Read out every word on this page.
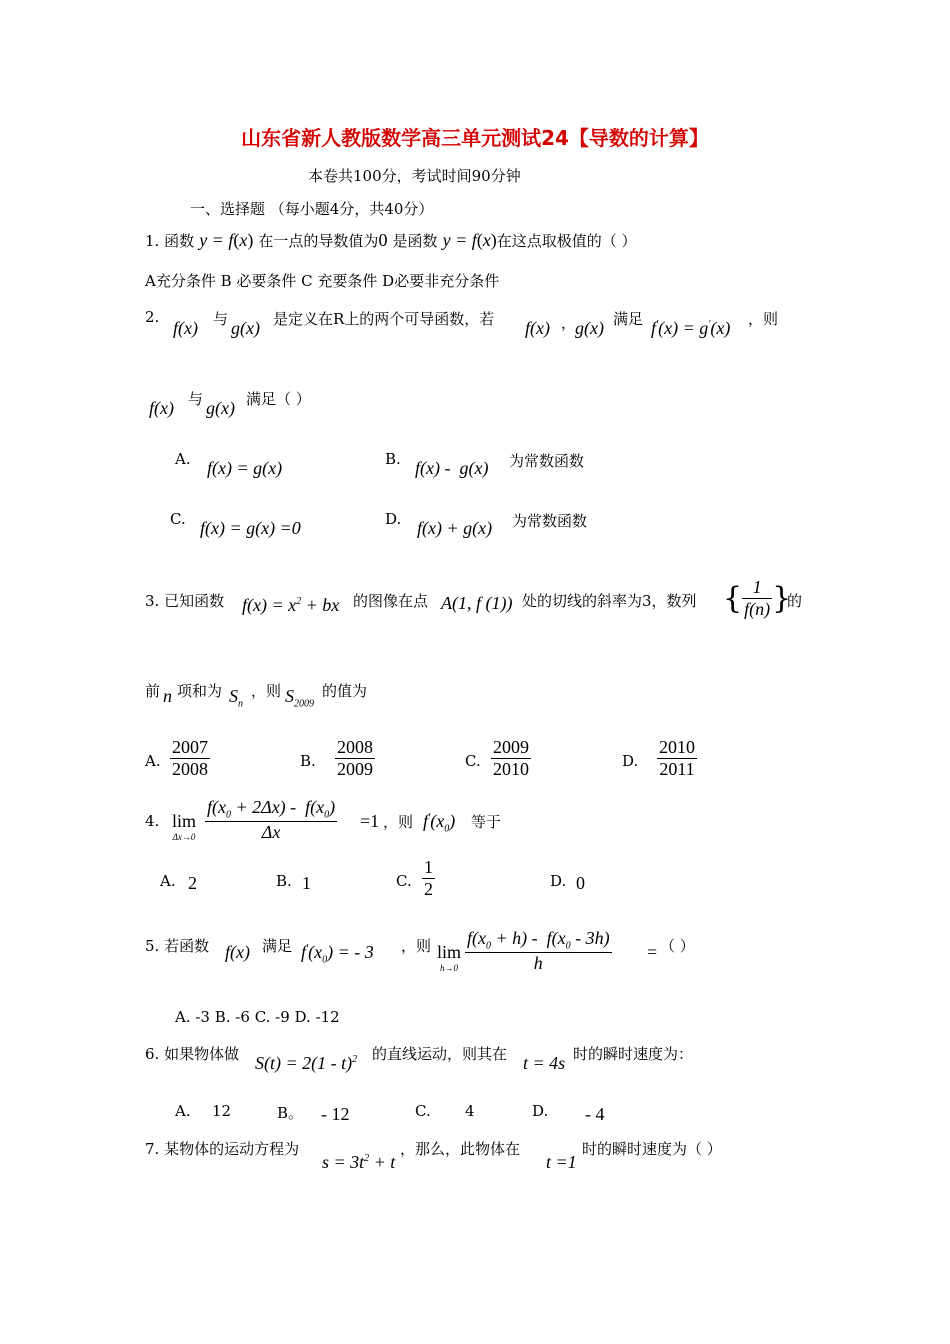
山东省新人教版数学高三单元测试24【导数的计算】
本卷共100分，考试时间90分钟
一、选择题 （每小题4分，共40分）
1. 函数 y = f(x) 在一点的导数值为0 是函数 y = f(x)在这点取极值的（ ）
A充分条件 B 必要条件 C 充要条件 D必要非充分条件
2.
f(x) 与 g(x) 是定义在R上的两个可导函数，若 f(x) ，
g(x) 满足 f'(x) = g'(x) ，则
f(x) 与 g(x) 满足（ ）
A. f(x) = g(x)	B. f(x) -  g(x) 为常数函数
C. f(x) = g(x) =0	D. f(x) + g(x) 为常数函数
3. 已知函数 $f(x) = x^2$ + bx 的图像在点 A(1, f (1)) 处的切线的斜率为3，数列 { $\frac{1}{f(n)}$ }
的
前 n 项和为 $S_n$
，则 $S_{2009}$
的值为
A. $\frac{2007}{2008}$	B. $\frac{2008}{2009}$	C. $\frac{2009}{2010}$	D. $\frac{2010}{2011}$
4. lim
$\Delta x\to 0 \frac{f(x_0 + 2\Delta x) - f(x_0)}{\Delta x} =1$ ，则 $f'(x_0)$ 等于
A. 2	B. 1	C. $\frac{1}{2}$	D. 0
5. 若函数 f(x) 满足 $f'(x_0)$ = - 3 ，则 lim
$h\to 0 \frac{f(x_0 + h) - f(x_0 - 3h)}{h}$ = （ ）
A. -3 B. -6 C. -9 D. -12
6. 如果物体做 S(t) = 2(1 - t)$^2$ 的直线运动，则其在 t = 4s 时的瞬时速度为：
A. 12	B。 - 12	C. 4	D. - 4
7. 某物体的运动方程为
$s = 3t^2 + t$
，那么，此物体在
t =1
时的瞬时速度为（ ）
